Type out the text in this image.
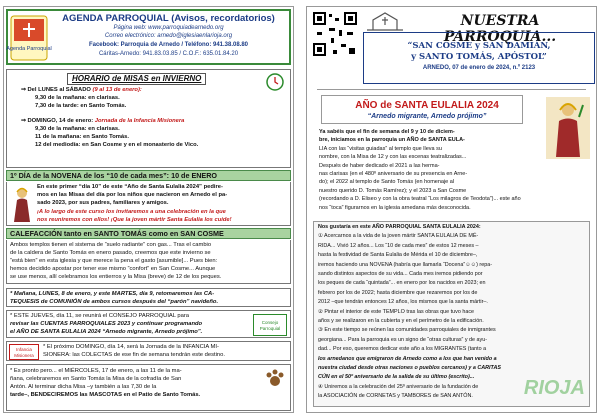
Agenda Parroquial
AGENDA PARROQUIAL (Avisos, recordatorios)
Página web: www.parroquiadearnedo.org
Correo electrónico: arnedo@iglesiaenlarioja.org
Facebook: Parroquia de Arnedo / Teléfono: 941.38.08.80
Cáritas-Arnedo: 941.83.03.85 / C.O.F.: 635.01.84.20
HORARIO de MISAS en INVIERNO
⇒ Del LUNES al SÁBADO (9 al 13 de enero):
9,30 de la mañana: en clarisas.
7,30 de la tarde: en Santo Tomás.
⇒ DOMINGO, 14 de enero: Jornada de la Infancia Misionera
9,30 de la mañana: en clarisas.
11 de la mañana: en Santo Tomás.
12 del mediodía: en San Cosme y en el monasterio de Vico.
1º DÍA de la NOVENA de los “10 de cada mes”: 10 de ENERO
En este primer “día 10” de este “Año de Santa Eulalia 2024” pedire-
mos en las Misas del día por los niños que nacieron en Arnedo el pa-
sado 2023, por sus padres, familiares y amigos.
¡A lo largo de este curso los invitaremos a una celebración en la que
nos reuniremos con ellos! ¡Que la joven mártir Santa Eulalia los cuide!
CALEFACCIÓN tanto en SANTO TOMÁS como en SAN COSME
Ambos templos tienen el sistema de “suelo radiante” con gas... Tras el cambio
de la caldera de Santo Tomás en enero pasado, creemos que este invierno se
“está bien” en esta iglesia y que merece la pena el gasto [asumible]... Pues bien:
hemos decidido apostar por tener ese mismo “confort” en San Cosme... Aunque
se use menos, allí celebramos los entierros y la Misa (breve) de 12 de los peques.
* Mañana, LUNES, 8 de enero, y este MARTES, día 9, retomaremos las CA-
TEQUESIS de COMUNIÓN de ambos cursos después del “parón” navideño.
* ESTE JUEVES, día 11, se reunirá el CONSEJO PARROQUIAL para
revisar las CUENTAS PARROQUIALES 2023 y continuar programando
el AÑO DE SANTA EULALIA 2024 “Arnedo migrante, Arnedo prójimo”.
Consejo Parroquial
Infancia Misionera
* El próximo DOMINGO, día 14, será la Jornada de la INFANCIA MI-
SIONERA: las COLECTAS de ese fin de semana tendrán este destino.
* Es pronto pero... el MIÉRCOLES, 17 de enero, a las 11 de la ma-
ñana, celebraremos en Santo Tomás la Misa de la cofradía de San
Antón. Al terminar dicha Misa –y también a las 7,30 de la
tarde–, BENDECIREMOS las MASCOTAS en el Patio de Santo Tomás.
NUESTRA PARROQUIA...
“SAN COSME y SAN DAMIÁN,
y SANTO TOMÁS, APÓSTOL”
ARNEDO, 07 de enero de 2024, n.º 2123
AÑO de SANTA EULALIA 2024
“Arnedo migrante, Arnedo prójimo”
Ya sabéis que el fin de semana del 9 y 10 de diciem-
bre, iniciamos en la parroquia un AÑO de SANTA EULA-
LIA con las “visitas guiadas” al templo que lleva su
nombre, con la Misa de 12 y con las escenas teatralizadas...
Después de haber dedicado el 2021 a las herma-
nas clarisas (en el 480º aniversario de su presencia en Arne-
do); el 2022 al templo de Santo Tomás (en homenaje al
nuestro querido D. Tomás Ramírez); y el 2023 a San Cosme
(recordando a D. Eliseo y con la obra teatral “Los milagros de Teodota”)... este año
nos “toca” figurarnos en la iglesia arnedana más desconocida.
Nos gustaría en este AÑO PARROQUIAL SANTA EULALIA 2024:
① Acercarnos a la vida de la joven mártir SANTA EULALIA DE MÉ-
RIDA... Vivió 12 años... Los “10 de cada mes” de estos 12 meses –
hasta la festividad de Santa Eulalia de Mérida el 10 de diciembre–,
iremos haciendo una NOVENA (habría que llamarla “Docena”☺☺) repa-
sando distintos aspectos de su vida... Cada mes iremos pidiendo por
los peques de cada “quintada”... en enero por los nacidos en 2023; en
febrero por los de 2022; hasta diciembre que rezaremos por los de
2012 –que tendrán entonces 12 años, los mismos que la santa mártir–.
② Pintar el interior de este TEMPLO tras las obras que tuvo hace
años y se realizaron en la cubierta y en el perímetro de la edificación.
③ En este tiempo se reúnen las comunidades parroquiales de inmigrantes
georgiana... Para la parroquia es un signo de “otras culturas” y de ayu-
dad... Por eso, queremos dedicar este año a los MIGRANTES (tanto a
los arnedanos que emigraron de Arnedo como a los que han venido a
nuestra ciudad desde otras naciones o pueblos cercanos) y a CARITAS
CÚN en el 50º aniversario de la salida de su último (escrito)...
④ Uniremos a la celebración del 25º aniversario de la fundación de
la ASOCIACIÓN de CORNETAS y TAMBORES de SAN ANTÓN.	RIOJA
